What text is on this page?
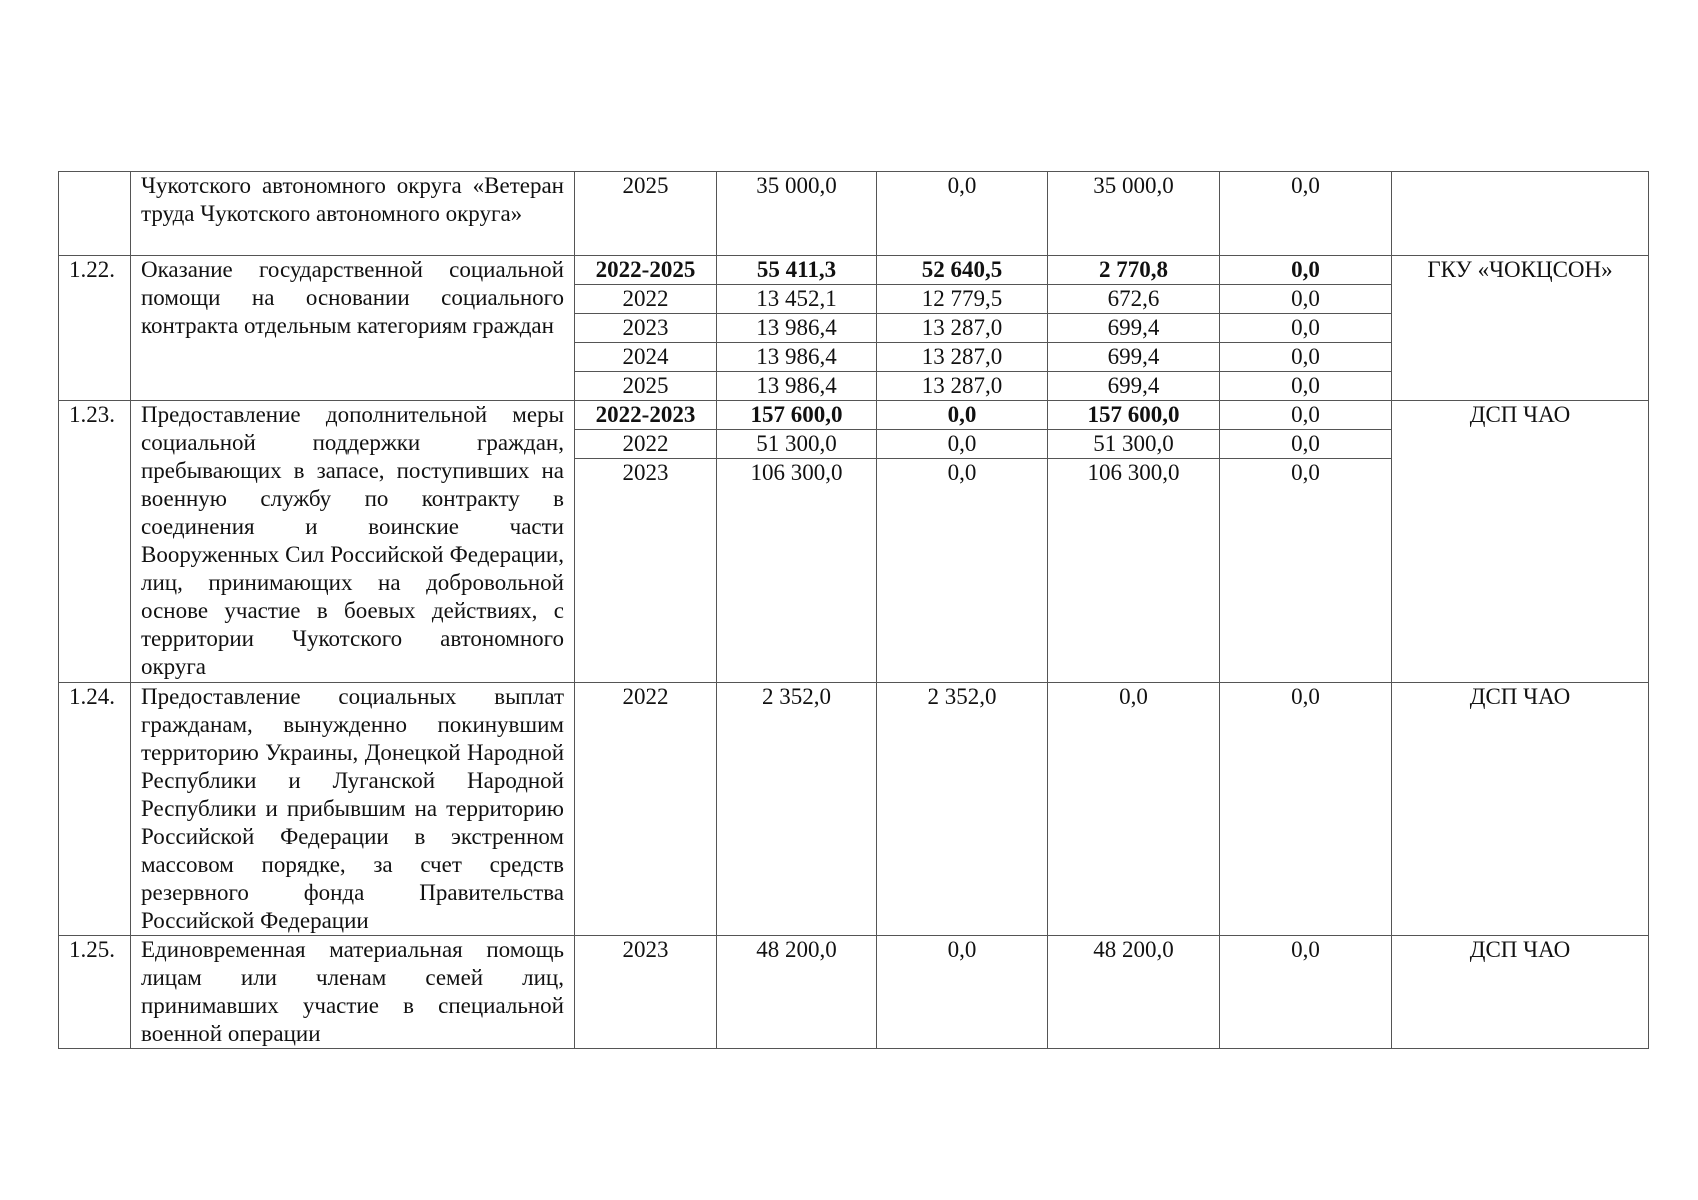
	Чукотского автономного округа «Ветеран труда Чукотского автономного округа»	2025	35 000,0	0,0	35 000,0	0,0	
1.22.	Оказание государственной социальной помощи на основании социального контракта отдельным категориям граждан	2022-2025	55 411,3	52 640,5	2 770,8	0,0	ГКУ «ЧОКЦСОН»
		2022	13 452,1	12 779,5	672,6	0,0	
		2023	13 986,4	13 287,0	699,4	0,0	
		2024	13 986,4	13 287,0	699,4	0,0	
		2025	13 986,4	13 287,0	699,4	0,0	
1.23.	Предоставление дополнительной меры социальной поддержки граждан, пребывающих в запасе, поступивших на военную службу по контракту в соединения и воинские части Вооруженных Сил Российской Федерации, лиц, принимающих на добровольной основе участие в боевых действиях, с территории Чукотского автономного округа	2022-2023	157 600,0	0,0	157 600,0	0,0	ДСП ЧАО
		2022	51 300,0	0,0	51 300,0	0,0	
		2023	106 300,0	0,0	106 300,0	0,0	
1.24.	Предоставление социальных выплат гражданам, вынужденно покинувшим территорию Украины, Донецкой Народной Республики и Луганской Народной Республики и прибывшим на территорию Российской Федерации в экстренном массовом порядке, за счет средств резервного фонда Правительства Российской Федерации	2022	2 352,0	2 352,0	0,0	0,0	ДСП ЧАО
1.25.	Единовременная материальная помощь лицам или членам семей лиц, принимавших участие в специальной военной операции	2023	48 200,0	0,0	48 200,0	0,0	ДСП ЧАО
